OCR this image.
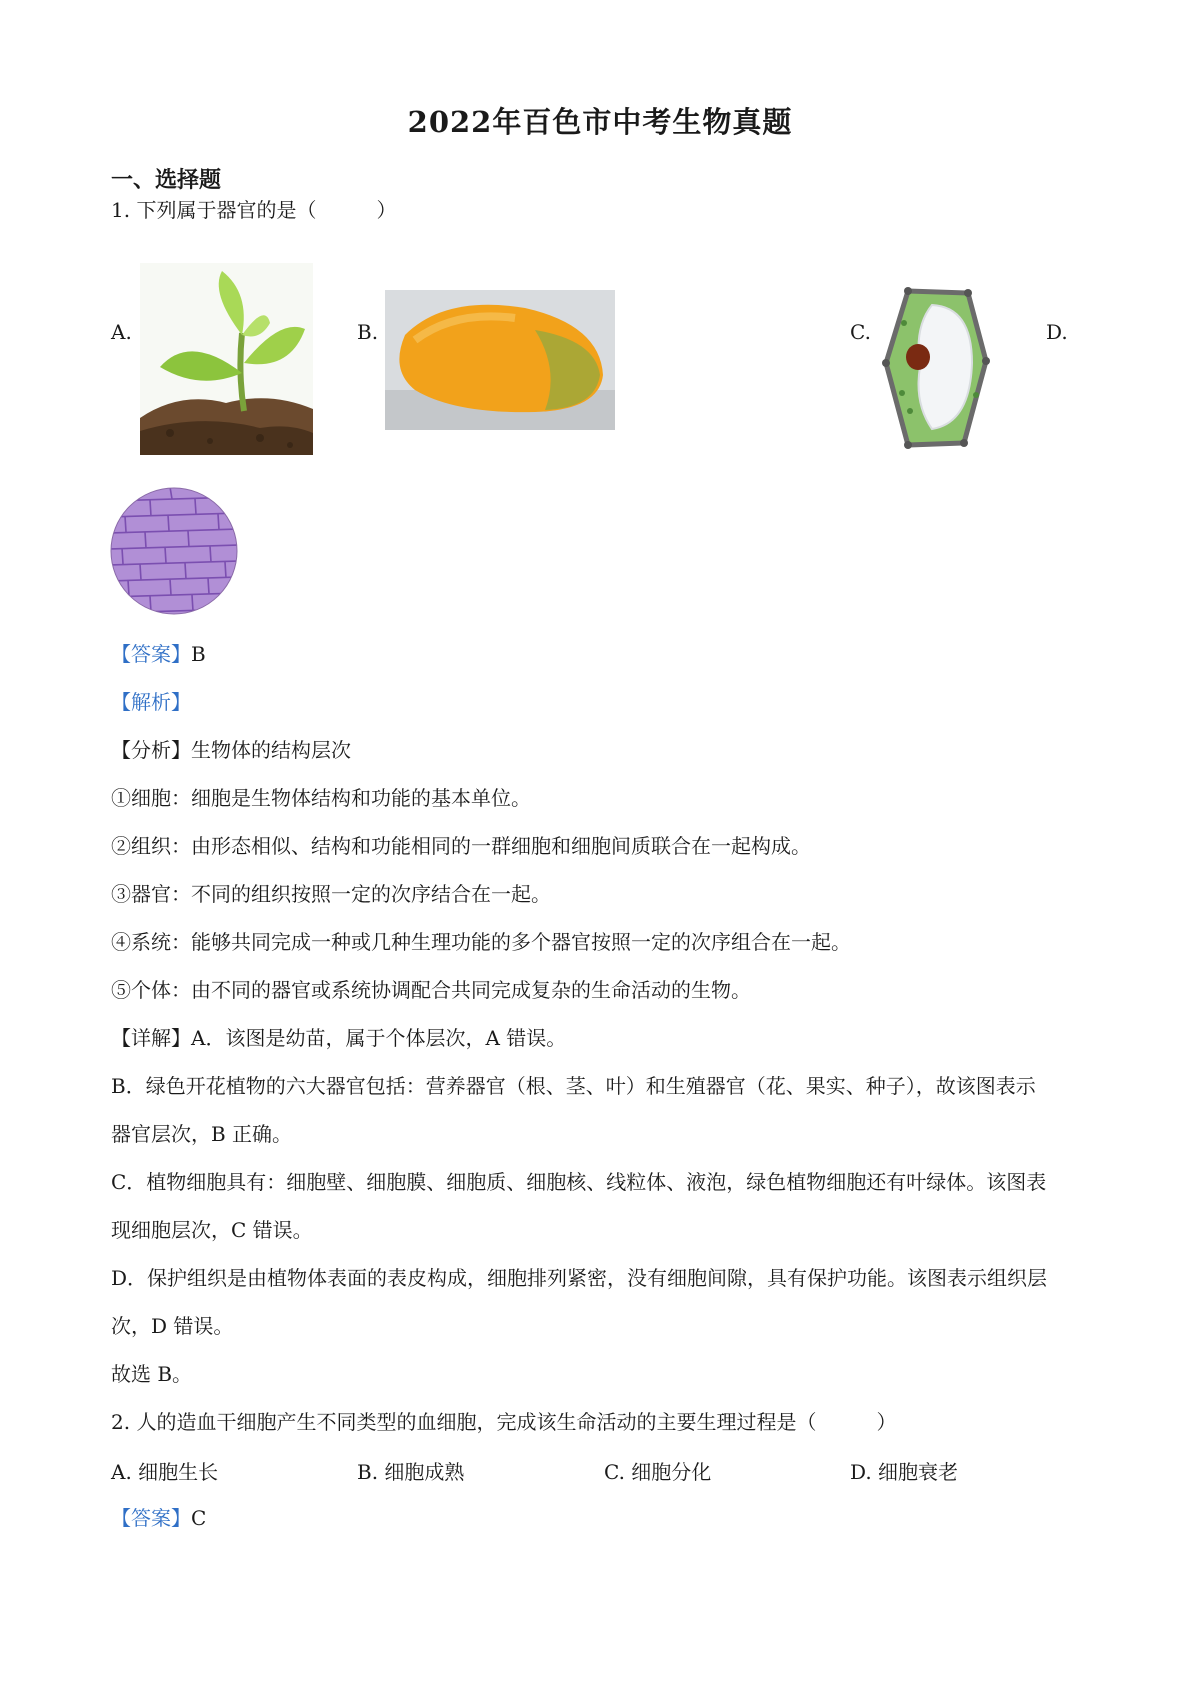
2022年百色市中考生物真题
一、选择题
1. 下列属于器官的是（　　　）
A.	B.	C.	D.
【答案】B
【解析】
【分析】生物体的结构层次
①细胞：细胞是生物体结构和功能的基本单位。
②组织：由形态相似、结构和功能相同的一群细胞和细胞间质联合在一起构成。
③器官：不同的组织按照一定的次序结合在一起。
④系统：能够共同完成一种或几种生理功能的多个器官按照一定的次序组合在一起。
⑤个体：由不同的器官或系统协调配合共同完成复杂的生命活动的生物。
【详解】A．该图是幼苗，属于个体层次，A 错误。
B．绿色开花植物的六大器官包括：营养器官（根、茎、叶）和生殖器官（花、果实、种子），故该图表示
器官层次，B 正确。
C．植物细胞具有：细胞壁、细胞膜、细胞质、细胞核、线粒体、液泡，绿色植物细胞还有叶绿体。该图表
现细胞层次，C 错误。
D．保护组织是由植物体表面的表皮构成，细胞排列紧密，没有细胞间隙，具有保护功能。该图表示组织层
次，D 错误。
故选 B。
2. 人的造血干细胞产生不同类型的血细胞，完成该生命活动的主要生理过程是（　　　）
A. 细胞生长	B. 细胞成熟	C. 细胞分化	D. 细胞衰老
【答案】C
